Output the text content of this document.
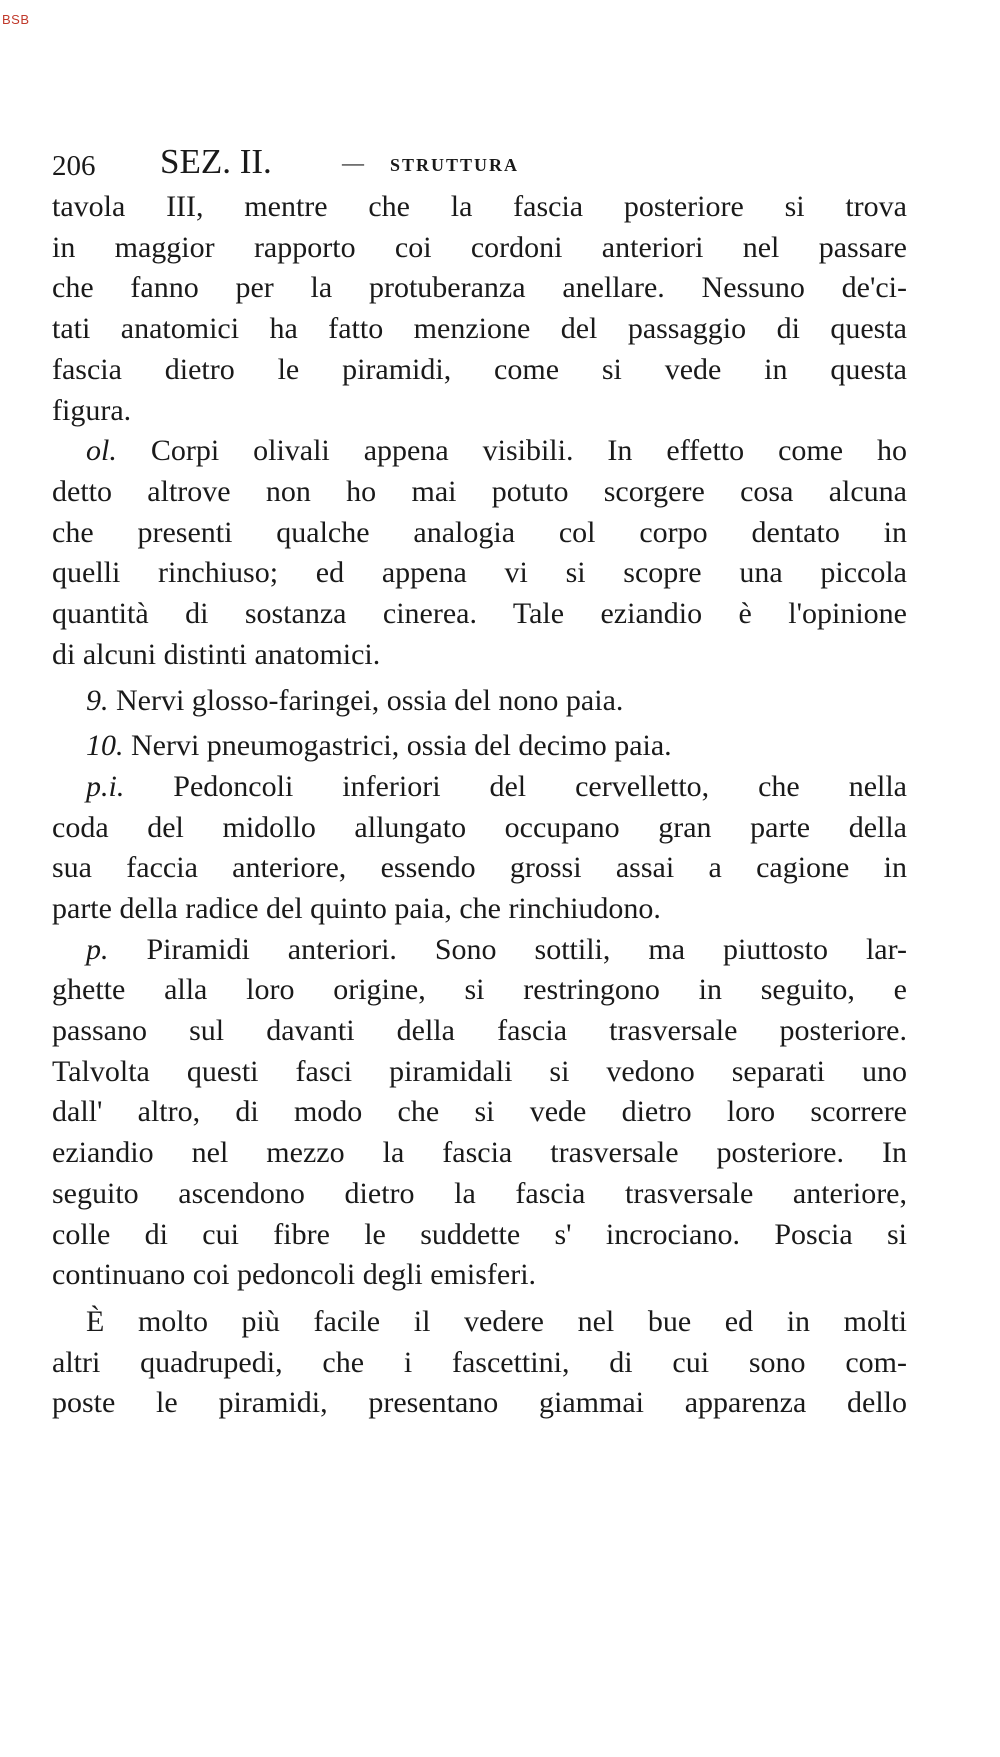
BSB
206 SEZ. II.	— STRUTTURA
tavola III, mentre che la fascia posteriore si trova
in maggior rapporto coi cordoni anteriori nel passare
che fanno per la protuberanza anellare. Nessuno de'ci-
tati anatomici ha fatto menzione del passaggio di questa
fascia dietro le piramidi, come si vede in questa
figura.
ol. Corpi olivali appena visibili. In effetto come ho
detto altrove non ho mai potuto scorgere cosa alcuna
che presenti qualche analogia col corpo dentato in
quelli rinchiuso; ed appena vi si scopre una piccola
quantità di sostanza cinerea. Tale eziandio è l'opinione
di alcuni distinti anatomici.
9. Nervi glosso-faringei, ossia del nono paia.
10. Nervi pneumogastrici, ossia del decimo paia.
p.i. Pedoncoli inferiori del cervelletto, che nella
coda del midollo allungato occupano gran parte della
sua faccia anteriore, essendo grossi assai a cagione in
parte della radice del quinto paia, che rinchiudono.
p. Piramidi anteriori. Sono sottili, ma piuttosto lar-
ghette alla loro origine, si restringono in seguito, e
passano sul davanti della fascia trasversale posteriore.
Talvolta questi fasci piramidali si vedono separati uno
dall' altro, di modo che si vede dietro loro scorrere
eziandio nel mezzo la fascia trasversale posteriore. In
seguito ascendono dietro la fascia trasversale anteriore,
colle di cui fibre le suddette s' incrociano. Poscia si
continuano coi pedoncoli degli emisferi.
È molto più facile il vedere nel bue ed in molti
altri quadrupedi, che i fascettini, di cui sono com-
poste le piramidi, presentano giammai apparenza dello
